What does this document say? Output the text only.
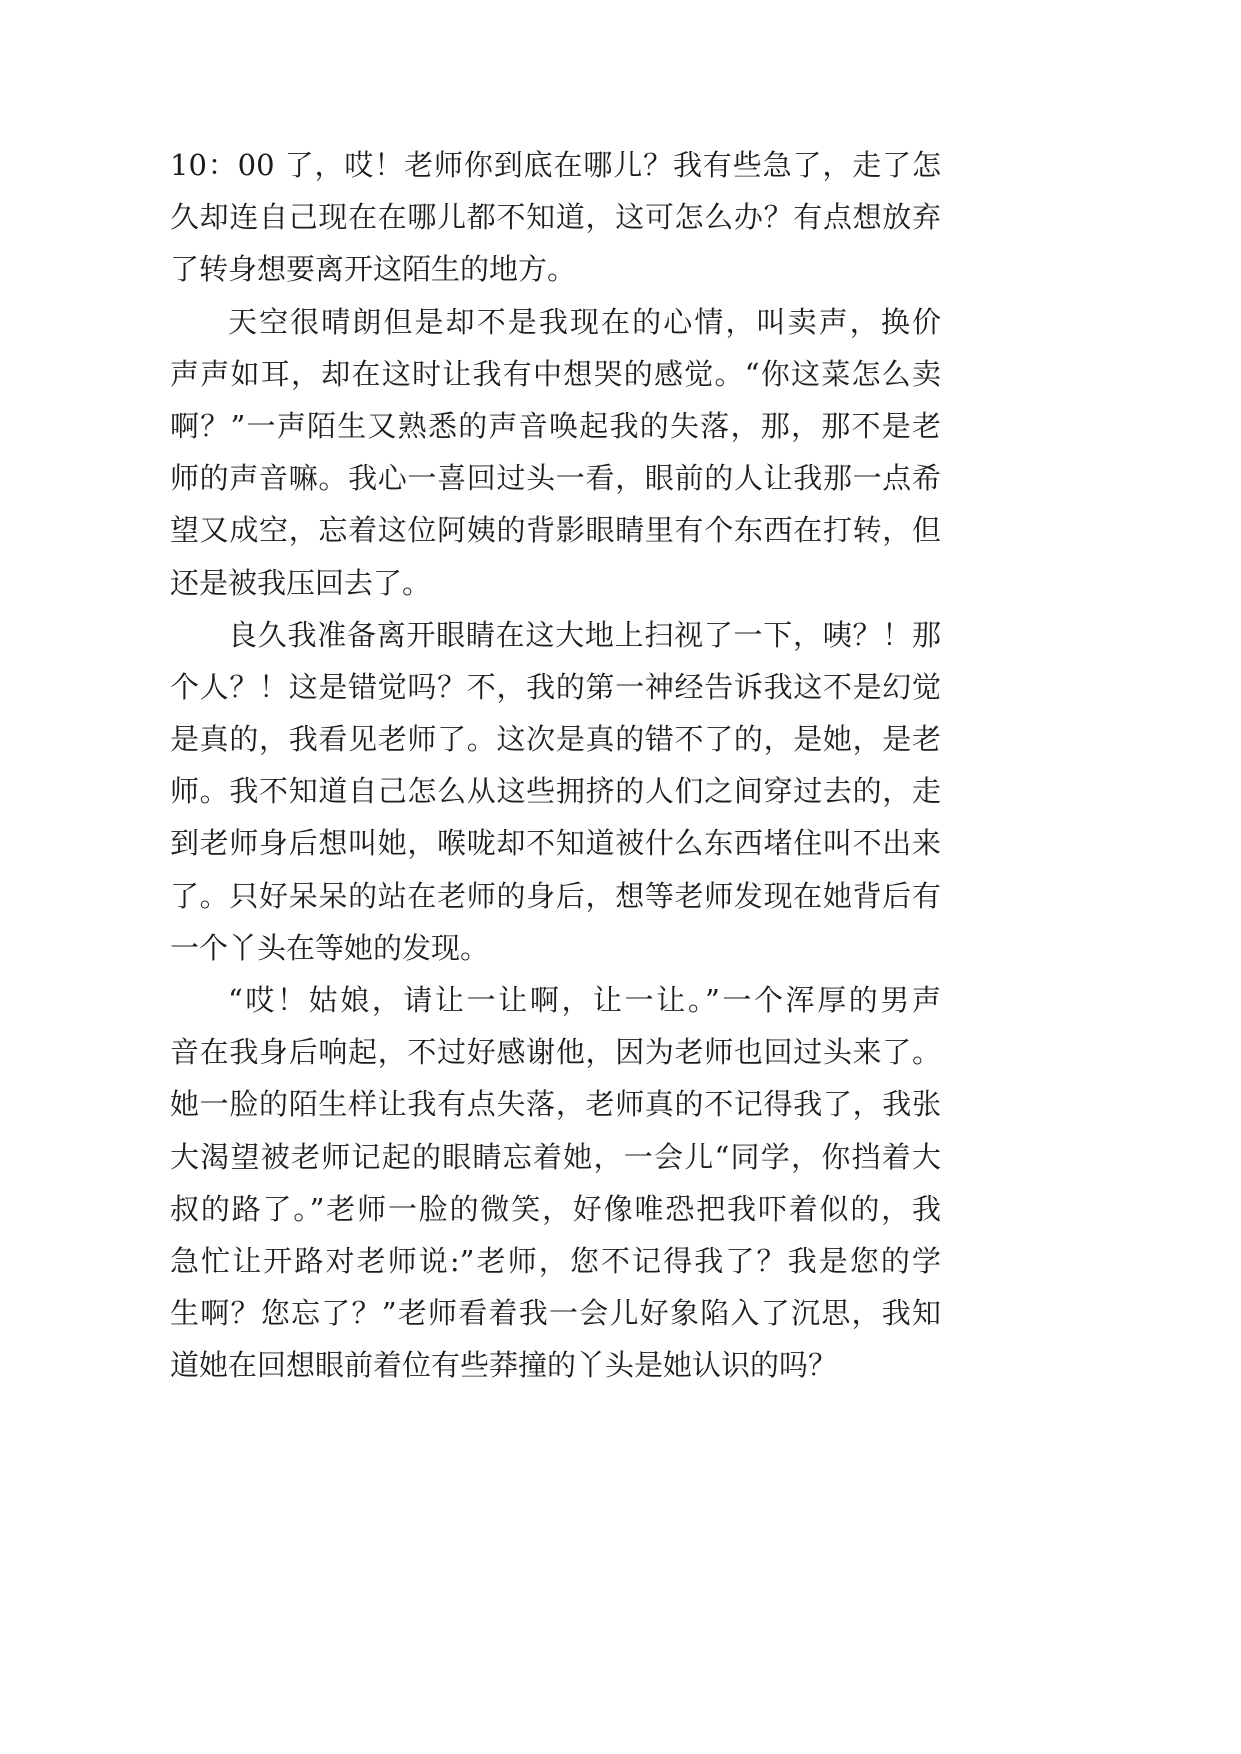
10：00 了，哎！老师你到底在哪儿？我有些急了，走了怎
久却连自己现在在哪儿都不知道，这可怎么办？有点想放弃
了转身想要离开这陌生的地方。
天空很晴朗但是却不是我现在的心情，叫卖声，换价
声声如耳，却在这时让我有中想哭的感觉。“你这菜怎么卖
啊？”一声陌生又熟悉的声音唤起我的失落，那，那不是老
师的声音嘛。我心一喜回过头一看，眼前的人让我那一点希
望又成空，忘着这位阿姨的背影眼睛里有个东西在打转，但
还是被我压回去了。
良久我准备离开眼睛在这大地上扫视了一下，咦？！那
个人？！这是错觉吗？不，我的第一神经告诉我这不是幻觉
是真的，我看见老师了。这次是真的错不了的，是她，是老
师。我不知道自己怎么从这些拥挤的人们之间穿过去的，走
到老师身后想叫她，喉咙却不知道被什么东西堵住叫不出来
了。只好呆呆的站在老师的身后，想等老师发现在她背后有
一个丫头在等她的发现。
“哎！姑娘，请让一让啊，让一让。”一个浑厚的男声
音在我身后响起，不过好感谢他，因为老师也回过头来了。
她一脸的陌生样让我有点失落，老师真的不记得我了，我张
大渴望被老师记起的眼睛忘着她，一会儿“同学，你挡着大
叔的路了。”老师一脸的微笑，好像唯恐把我吓着似的，我
急忙让开路对老师说:”老师，您不记得我了？我是您的学
生啊？您忘了？”老师看着我一会儿好象陷入了沉思，我知
道她在回想眼前着位有些莽撞的丫头是她认识的吗？
